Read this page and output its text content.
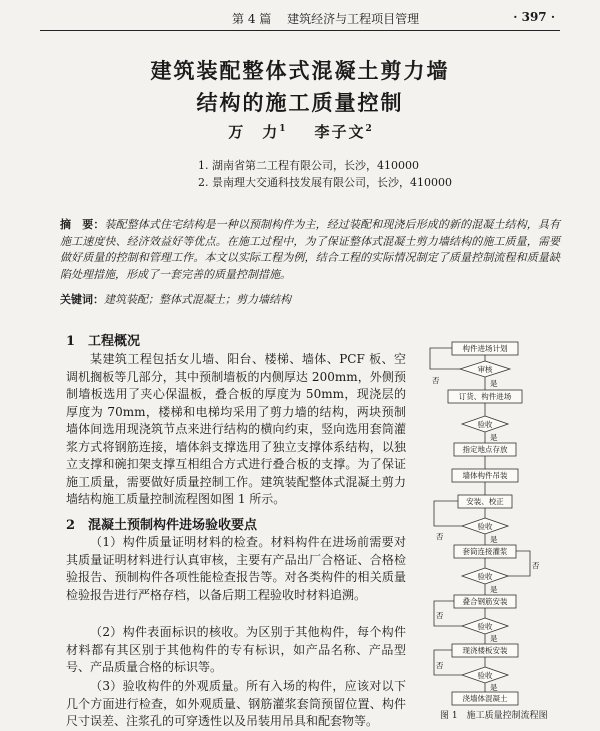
第 4 篇　 建筑经济与工程项目管理	· 397 ·
建筑装配整体式混凝土剪力墙
结构的施工质量控制
万　力$^1$ 李子文$^2$
1. 湖南省第二工程有限公司，长沙，410000
2. 景南理大交通科技发展有限公司，长沙，410000
摘　要：装配整体式住宅结构是一种以预制构件为主，经过装配和现浇后形成的新的混凝土结构，具有施工速度快、经济效益好等优点。在施工过程中，为了保证整体式混凝土剪力墙结构的施工质量，需要做好质量的控制和管理工作。本文以实际工程为例，结合工程的实际情况制定了质量控制流程和质量缺陷处理措施，形成了一套完善的质量控制措施。
关键词：建筑装配；整体式混凝土；剪力墙结构
1　工程概况
某建筑工程包括女儿墙、阳台、楼梯、墙体、PCF 板、空调机搁板等几部分，其中预制墙板的内侧厚达 200mm，外侧预制墙板选用了夹心保温板，叠合板的厚度为 50mm，现浇层的厚度为 70mm，楼梯和电梯均采用了剪力墙的结构，两块预制墙体间选用现浇筑节点来进行结构的横向约束，竖向选用套筒灌浆方式将钢筋连接，墙体斜支撑选用了独立支撑体系结构，以独立支撑和碗扣架支撑互相组合方式进行叠合板的支撑。为了保证施工质量，需要做好质量控制工作。建筑装配整体式混凝土剪力墙结构施工质量控制流程图如图 1 所示。
2　混凝土预制构件进场验收要点
（1）构件质量证明材料的检查。材料构件在进场前需要对其质量证明材料进行认真审核，主要有产品出厂合格证、合格检验报告、预制构件各项性能检查报告等。对各类构件的相关质量检验报告进行严格存档，以备后期工程验收时材料追溯。
（2）构件表面标识的核收。为区别于其他构件，每个构件材料都有其区别于其他构件的专有标识，如产品名称、产品型号、产品质量合格的标识等。
（3）验收构件的外观质量。所有入场的构件，应该对以下几个方面进行检查，如外观质量、钢筋灌浆套筒预留位置、构件尺寸误差、注浆孔的可穿透性以及吊装用吊具和配套物等。
构件进场计划
审核
是
否
订货、构件进场
验收
是
指定地点存放
墙体构件吊装
安装、校正
验收
否	是
套筒连接灌浆
验收
否
是
叠合钢筋安装
验收
否
是
现浇楼板安装
验收
否
是
浇墙体混凝土
图 1　施工质量控制流程图
